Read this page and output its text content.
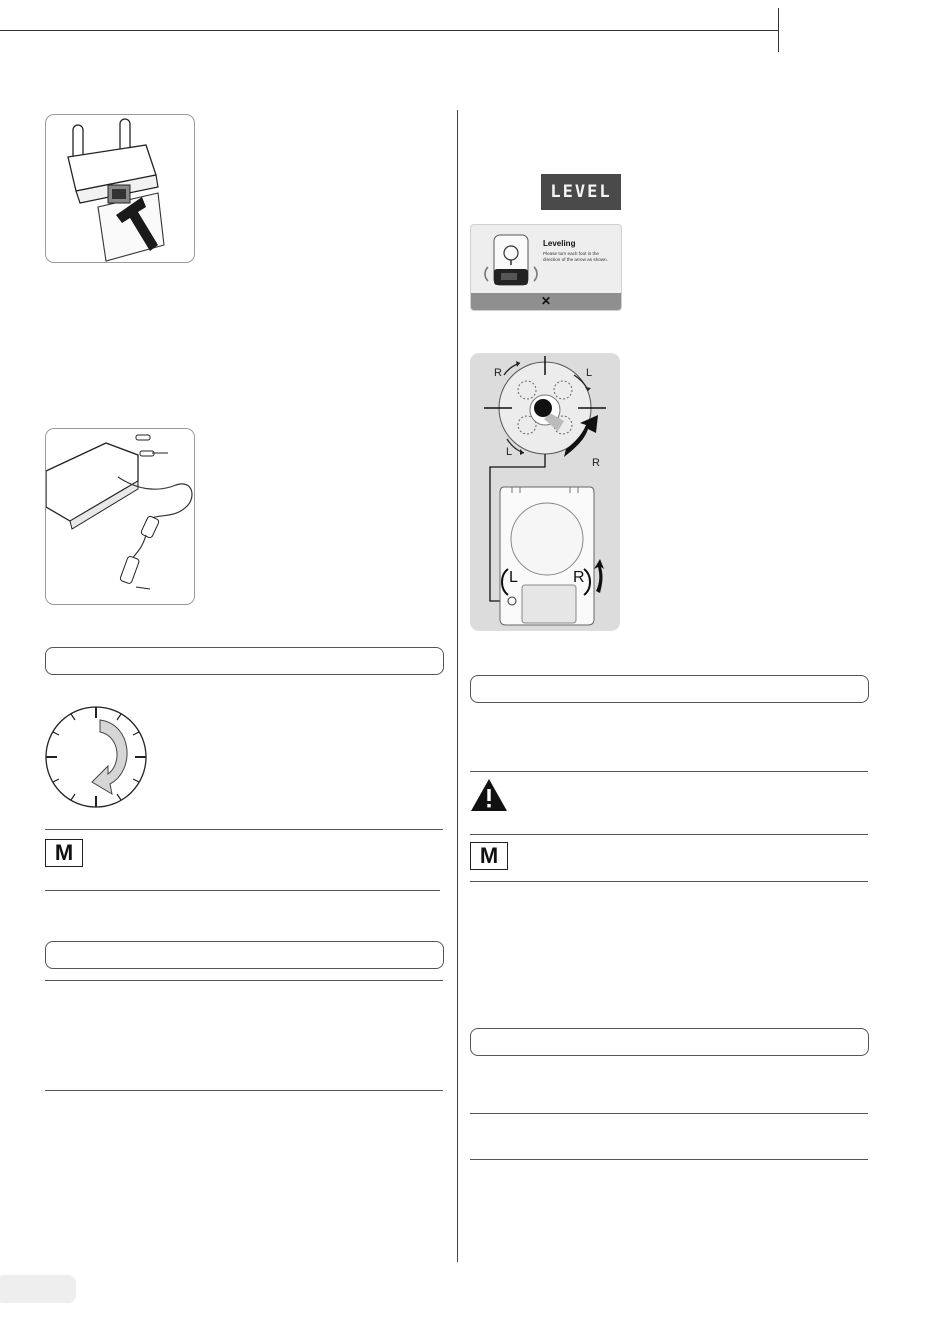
M
LEVEL
Leveling
Please turn each foot in the direction of the arrow as shown.
✕
R	L
L
R
L	R
M
